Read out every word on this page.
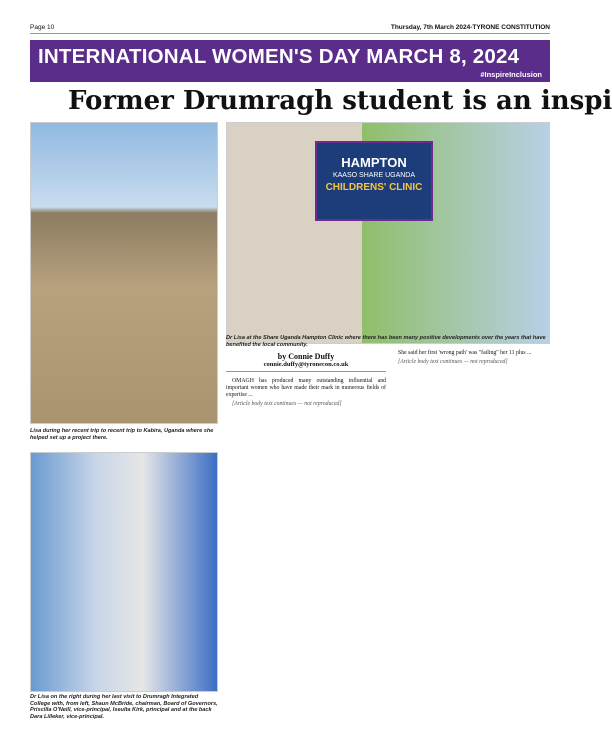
Page 10	Thursday, 7th March 2024-TYRONE CONSTITUTION
INTERNATIONAL WOMEN'S DAY MARCH 8, 2024
#InspireInclusion
Former Drumragh student is an inspi
Lisa during her recent trip to recent trip to Kabira, Uganda where she helped set up a project there.
HAMPTON
KAASO SHARE UGANDA
CHILDRENS' CLINIC
Dr Lisa at the Share Uganda Hampton Clinic where there has been many positive developments over the years that have benefited the local community.
Dr Lisa on the right during her last visit to Drumragh Integrated College with, from left, Shaun McBride, chairman, Board of Governors, Priscilla O'Neill, vice-principal, Iseulta Kirk, principal and at the back Dara Lilleker, vice-principal.
by Connie Duffy
connie.duffy@tyronecon.co.uk

OMAGH has produced many outstanding influential and important women who have made their mark in numerous fields of expertise ...

[Article body text continues — not reproduced]

She said her first 'wrong path' was "failing" her 11 plus ...

[Article body text continues — not reproduced]
